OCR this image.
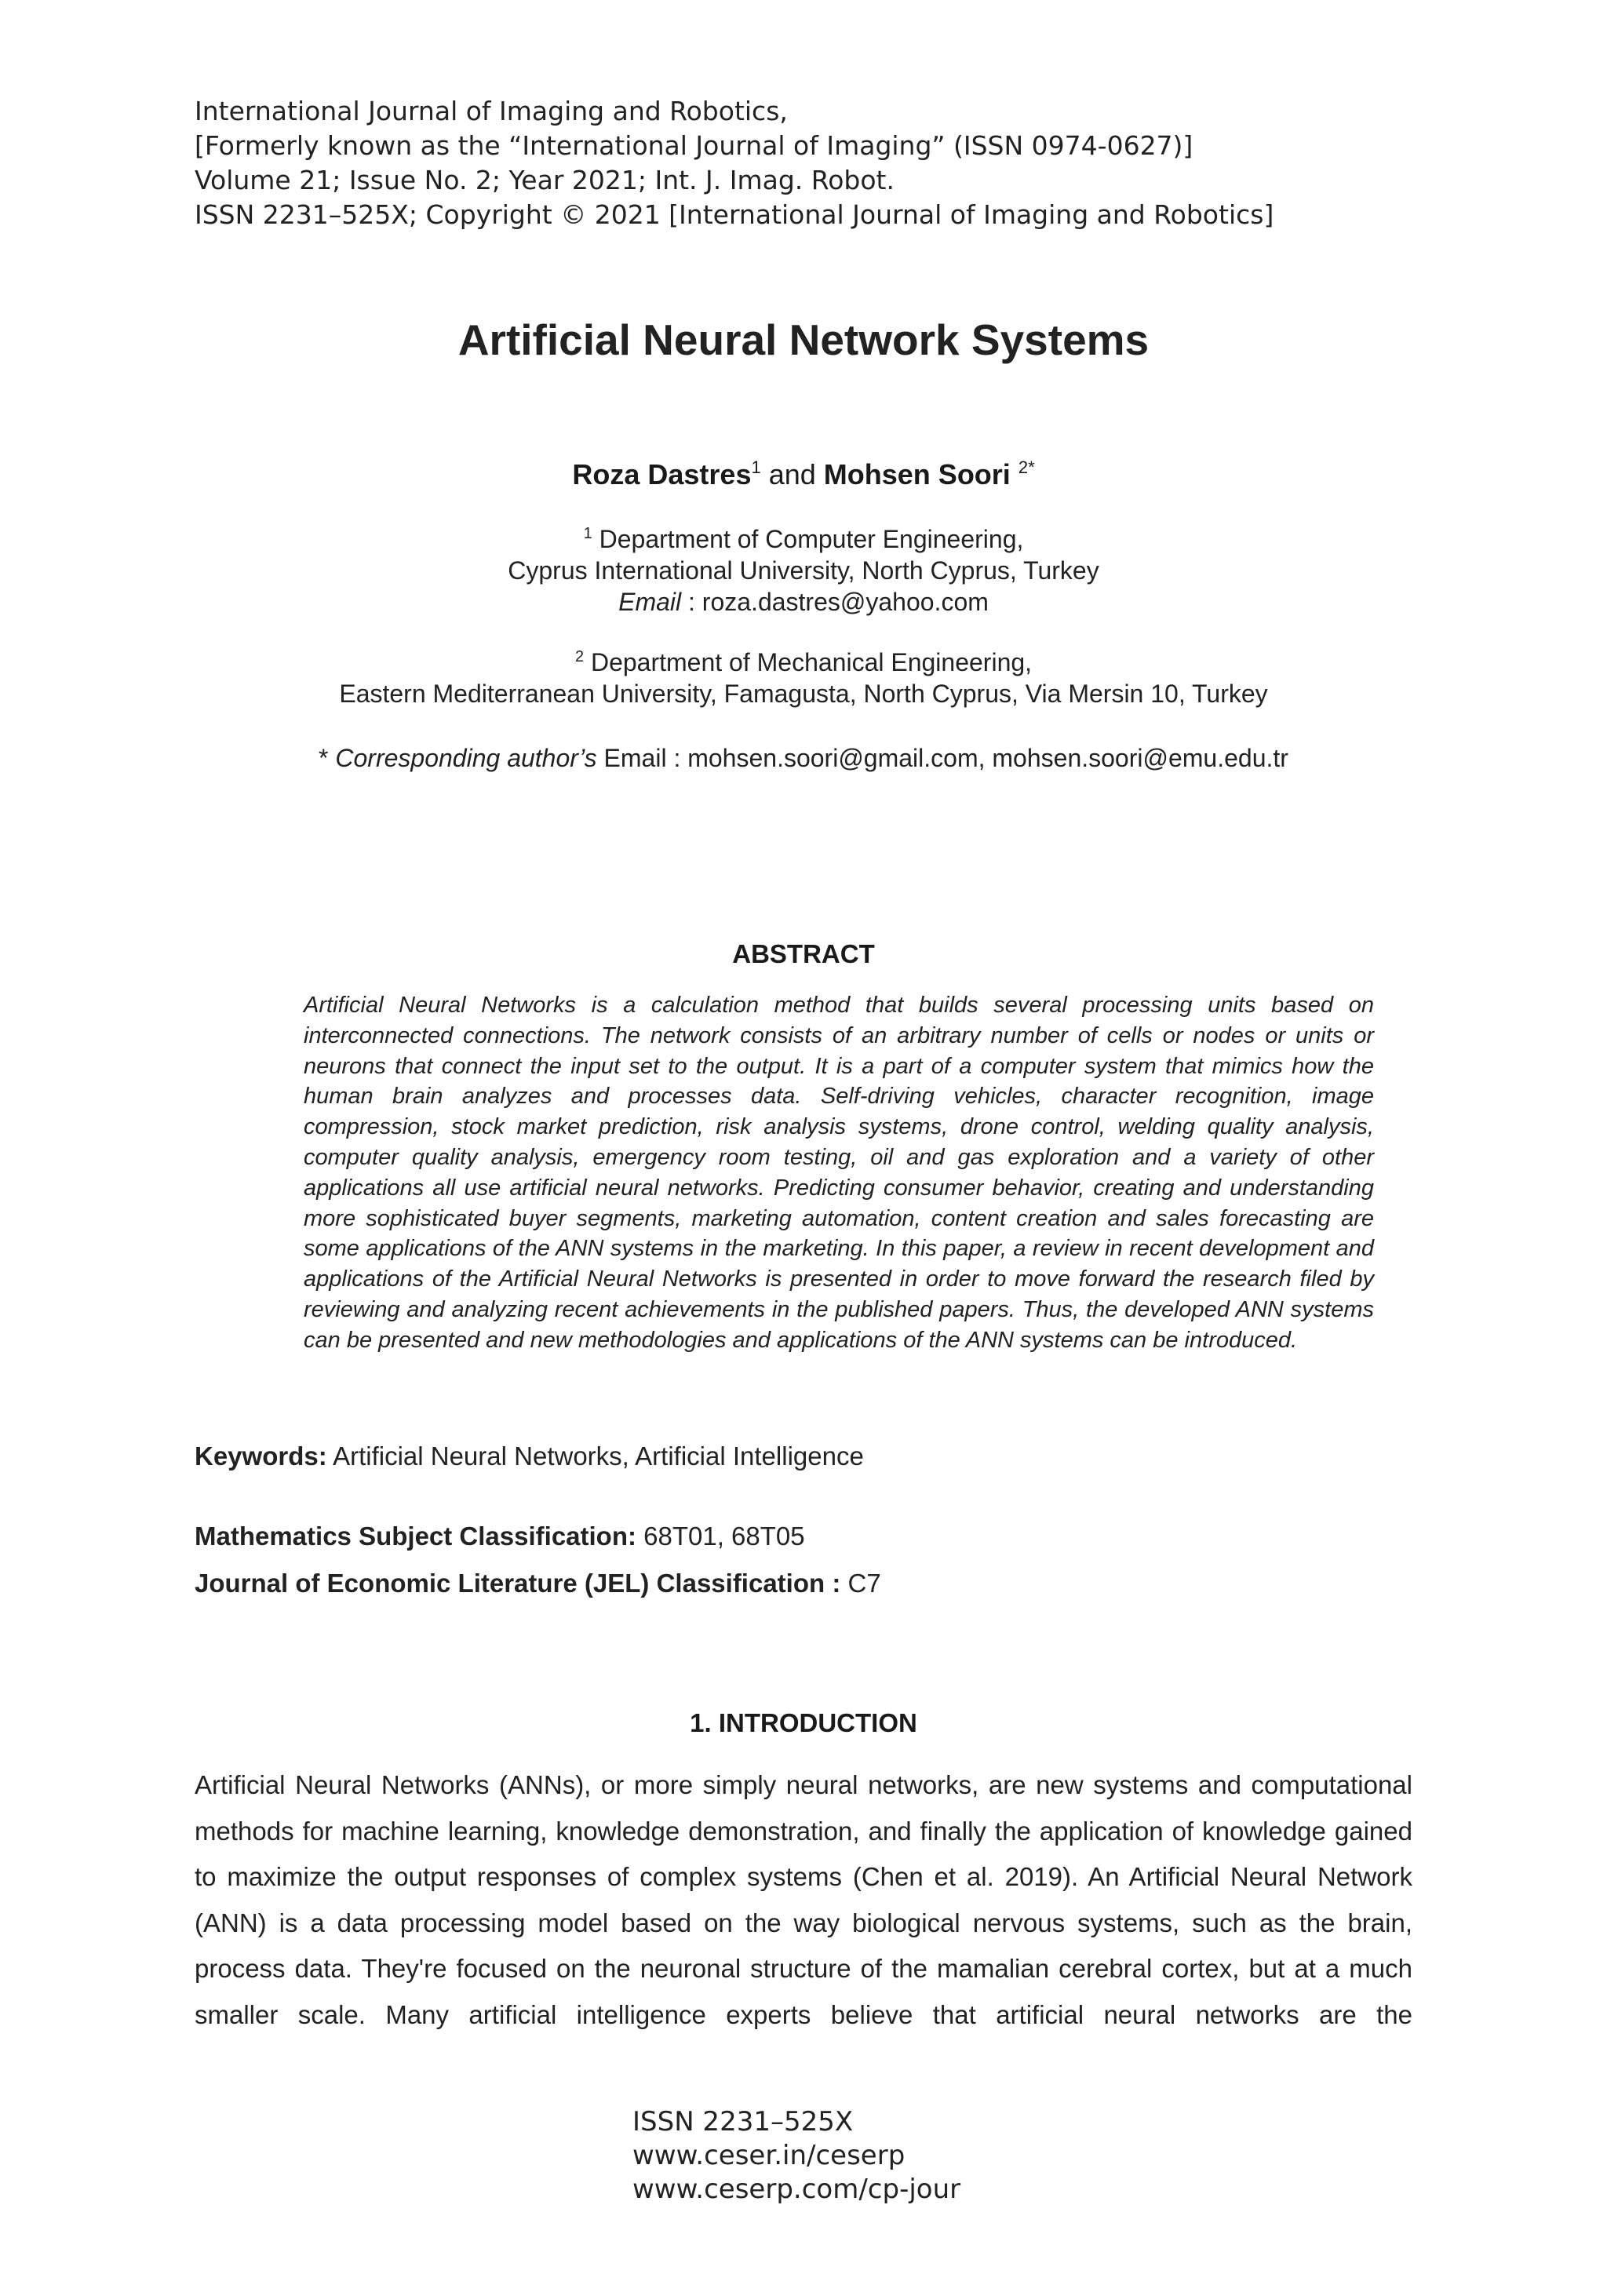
International Journal of Imaging and Robotics,
[Formerly known as the “International Journal of Imaging” (ISSN 0974-0627)]
Volume 21; Issue No. 2; Year 2021; Int. J. Imag. Robot.
ISSN 2231–525X; Copyright © 2021 [International Journal of Imaging and Robotics]
Artificial Neural Network Systems
Roza Dastres$^1$ and Mohsen Soori $^{2*}$
$^1$ Department of Computer Engineering,
Cyprus International University, North Cyprus, Turkey
Email : roza.dastres@yahoo.com
$^2$ Department of Mechanical Engineering,
Eastern Mediterranean University, Famagusta, North Cyprus, Via Mersin 10, Turkey
* Corresponding author’s Email : mohsen.soori@gmail.com, mohsen.soori@emu.edu.tr
ABSTRACT
Artificial Neural Networks is a calculation method that builds several processing units based on interconnected connections. The network consists of an arbitrary number of cells or nodes or units or neurons that connect the input set to the output. It is a part of a computer system that mimics how the human brain analyzes and processes data. Self-driving vehicles, character recognition, image compression, stock market prediction, risk analysis systems, drone control, welding quality analysis, computer quality analysis, emergency room testing, oil and gas exploration and a variety of other applications all use artificial neural networks. Predicting consumer behavior, creating and understanding more sophisticated buyer segments, marketing automation, content creation and sales forecasting are some applications of the ANN systems in the marketing. In this paper, a review in recent development and applications of the Artificial Neural Networks is presented in order to move forward the research filed by reviewing and analyzing recent achievements in the published papers. Thus, the developed ANN systems can be presented and new methodologies and applications of the ANN systems can be introduced.
Keywords: Artificial Neural Networks, Artificial Intelligence
Mathematics Subject Classification: 68T01, 68T05
Journal of Economic Literature (JEL) Classification : C7
1. INTRODUCTION
Artificial Neural Networks (ANNs), or more simply neural networks, are new systems and computational methods for machine learning, knowledge demonstration, and finally the application of knowledge gained to maximize the output responses of complex systems (Chen et al. 2019). An Artificial Neural Network (ANN) is a data processing model based on the way biological nervous systems, such as the brain, process data. They're focused on the neuronal structure of the mamalian cerebral cortex, but at a much smaller scale. Many artificial intelligence experts believe that artificial neural networks are the
ISSN 2231–525X
www.ceser.in/ceserp
www.ceserp.com/cp-jour
